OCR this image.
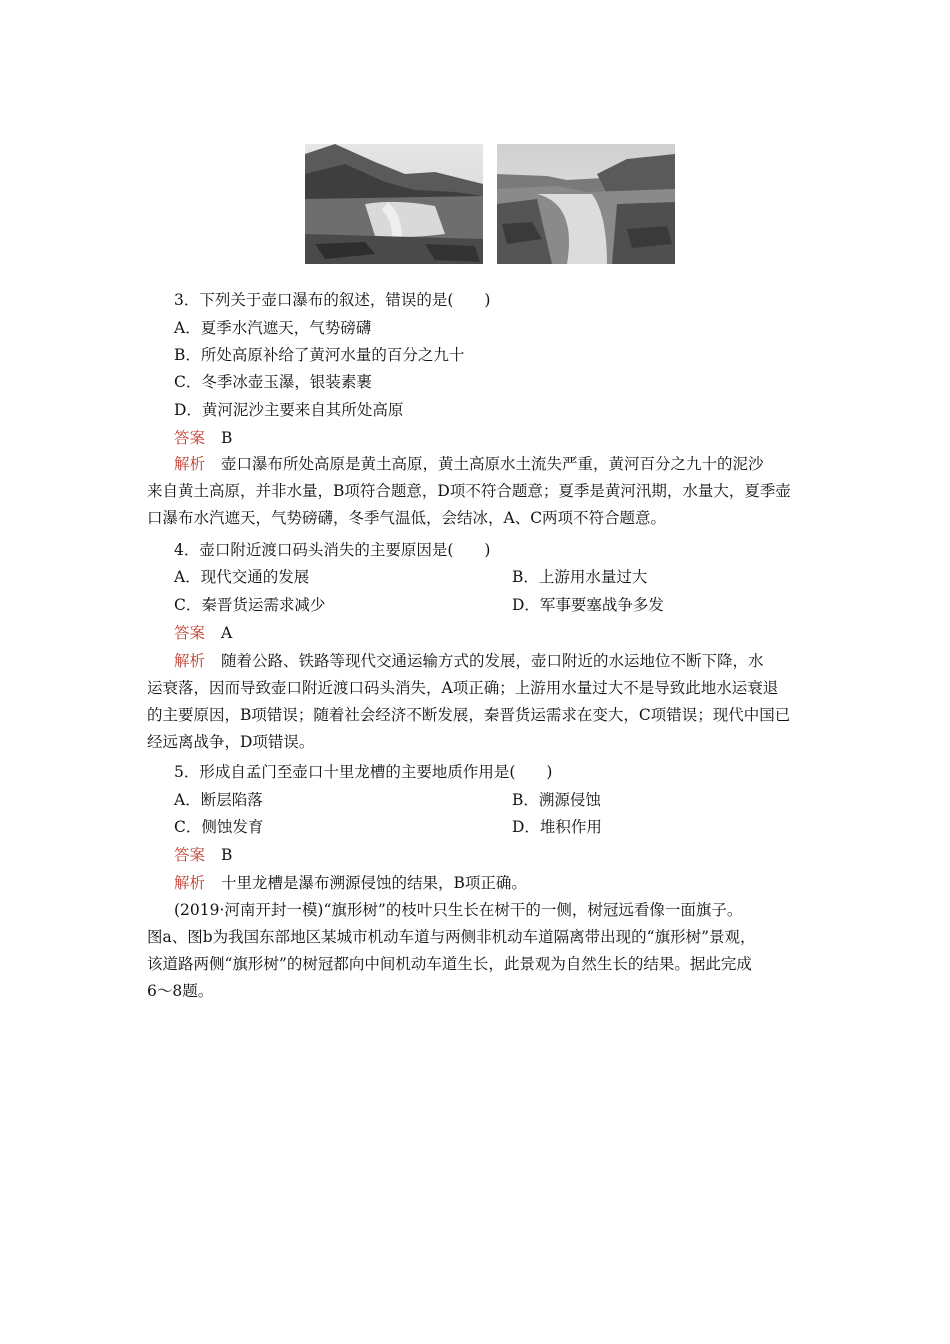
3．下列关于壶口瀑布的叙述，错误的是(　　)
A．夏季水汽遮天，气势磅礴
B．所处高原补给了黄河水量的百分之九十
C．冬季冰壶玉瀑，银装素裹
D．黄河泥沙主要来自其所处高原
答案 B
解析 壶口瀑布所处高原是黄土高原，黄土高原水土流失严重，黄河百分之九十的泥沙
来自黄土高原，并非水量，B项符合题意，D项不符合题意；夏季是黄河汛期，水量大，夏季壶
口瀑布水汽遮天，气势磅礴，冬季气温低，会结冰，A、C两项不符合题意。
4．壶口附近渡口码头消失的主要原因是(　　)
A．现代交通的发展	B．上游用水量过大
C．秦晋货运需求减少	D．军事要塞战争多发
答案 A
解析 随着公路、铁路等现代交通运输方式的发展，壶口附近的水运地位不断下降，水
运衰落，因而导致壶口附近渡口码头消失，A项正确；上游用水量过大不是导致此地水运衰退
的主要原因，B项错误；随着社会经济不断发展，秦晋货运需求在变大，C项错误；现代中国已
经远离战争，D项错误。
5．形成自孟门至壶口十里龙槽的主要地质作用是(　　)
A．断层陷落	B．溯源侵蚀
C．侧蚀发育	D．堆积作用
答案 B
解析 十里龙槽是瀑布溯源侵蚀的结果，B项正确。
(2019·河南开封一模)“旗形树”的枝叶只生长在树干的一侧，树冠远看像一面旗子。
图a、图b为我国东部地区某城市机动车道与两侧非机动车道隔离带出现的“旗形树”景观，
该道路两侧“旗形树”的树冠都向中间机动车道生长，此景观为自然生长的结果。据此完成
6～8题。
